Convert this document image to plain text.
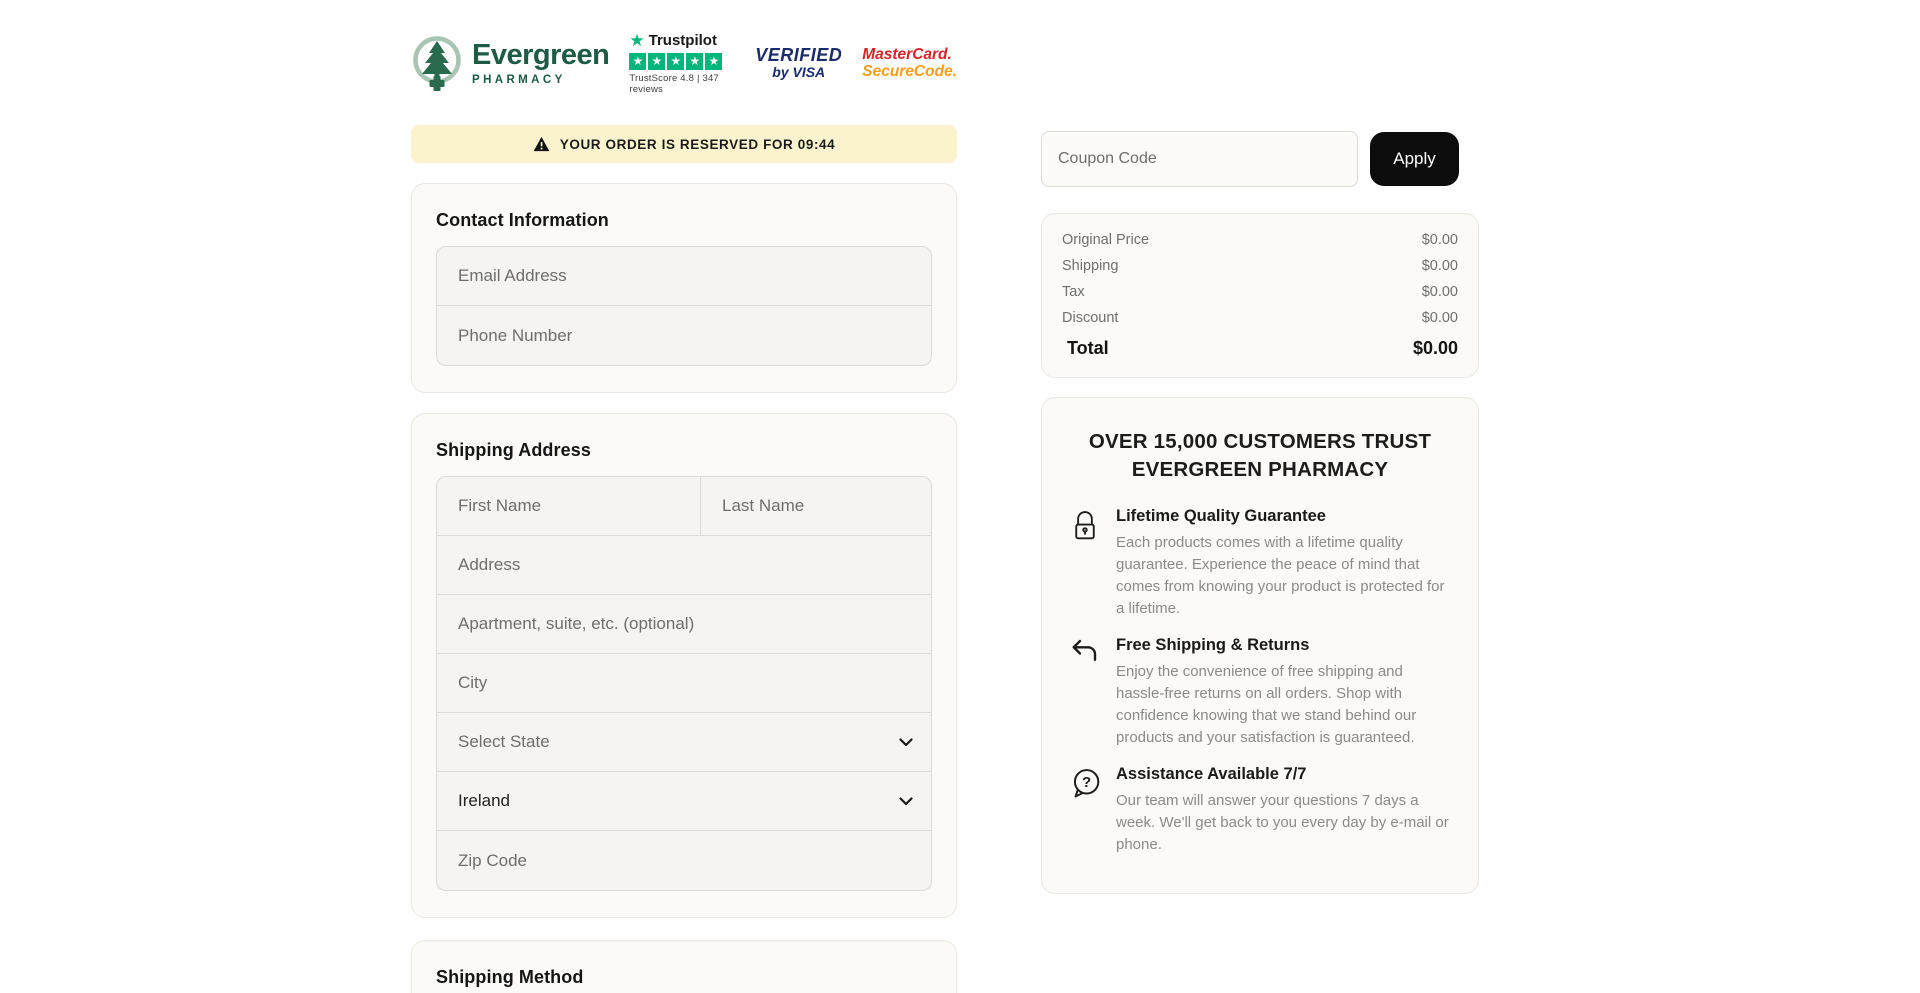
Evergreen
PHARMACY
★ Trustpilot
★ ★ ★ ★ ★
TrustScore 4.8 | 347 reviews
VERIFIED
by VISA
MasterCard.
SecureCode.
YOUR ORDER IS RESERVED FOR 09:44
Contact Information
Email Address
Phone Number
Shipping Address
First Name
Last Name
Address
Apartment, suite, etc. (optional)
City
Select State
Ireland
Zip Code
Shipping Method
Coupon Code
Apply
Original Price	$0.00
Shipping	$0.00
Tax	$0.00
Discount	$0.00
Total	$0.00
OVER 15,000 CUSTOMERS TRUST
EVERGREEN PHARMACY
Lifetime Quality Guarantee
Each products comes with a lifetime quality guarantee. Experience the peace of mind that comes from knowing your product is protected for a lifetime.
Free Shipping & Returns
Enjoy the convenience of free shipping and hassle-free returns on all orders. Shop with confidence knowing that we stand behind our products and your satisfaction is guaranteed.
? Assistance Available 7/7
Our team will answer your questions 7 days a week. We'll get back to you every day by e-mail or phone.
